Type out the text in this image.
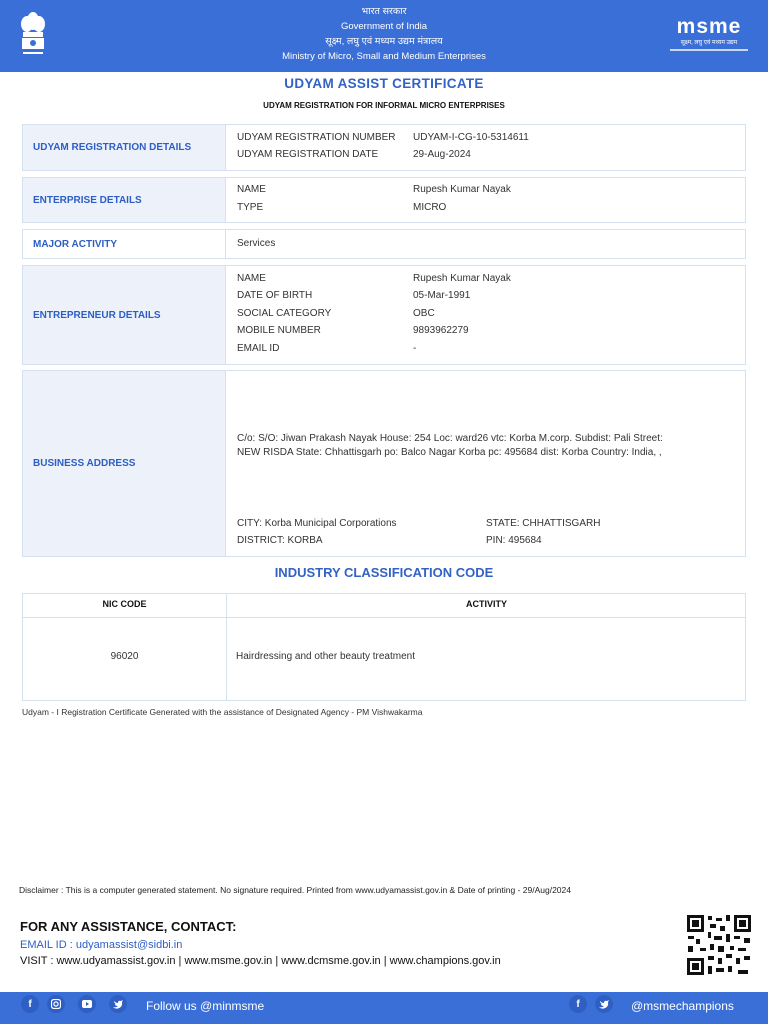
भारत सरकार
Government of India
सूक्ष्म, लघु एवं मध्यम उद्यम मंत्रालय
Ministry of Micro, Small and Medium Enterprises
msme
सूक्ष्म, लघु एवं मध्यम उद्यम
UDYAM ASSIST CERTIFICATE
UDYAM REGISTRATION FOR INFORMAL MICRO ENTERPRISES
UDYAM REGISTRATION DETAILS
UDYAM REGISTRATION NUMBER UDYAM-I-CG-10-5314611
UDYAM REGISTRATION DATE	29-Aug-2024
ENTERPRISE DETAILS
NAME	Rupesh Kumar Nayak
TYPE	MICRO
MAJOR ACTIVITY	Services
ENTREPRENEUR DETAILS
NAME	Rupesh Kumar Nayak
DATE OF BIRTH	05-Mar-1991
SOCIAL CATEGORY	OBC
MOBILE NUMBER	9893962279
EMAIL ID	-
BUSINESS ADDRESS
C/o: S/O: Jiwan Prakash Nayak House: 254 Loc: ward26 vtc: Korba M.corp. Subdist: Pali Street:
NEW RISDA State: Chhattisgarh po: Balco Nagar Korba pc: 495684 dist: Korba Country: India, ,
CITY: Korba Municipal Corporations	STATE: CHHATTISGARH
DISTRICT: KORBA	PIN: 495684
INDUSTRY CLASSIFICATION CODE
NIC CODE	ACTIVITY
96020	Hairdressing and other beauty treatment
Udyam - I Registration Certificate Generated with the assistance of Designated Agency - PM Vishwakarma
Disclaimer : This is a computer generated statement. No signature required. Printed from www.udyamassist.gov.in & Date of printing - 29/Aug/2024
FOR ANY ASSISTANCE, CONTACT:
EMAIL ID : udyamassist@sidbi.in
VISIT : www.udyamassist.gov.in | www.msme.gov.in | www.dcmsme.gov.in | www.champions.gov.in
f	Follow us @minmsme	f	@msmechampions
